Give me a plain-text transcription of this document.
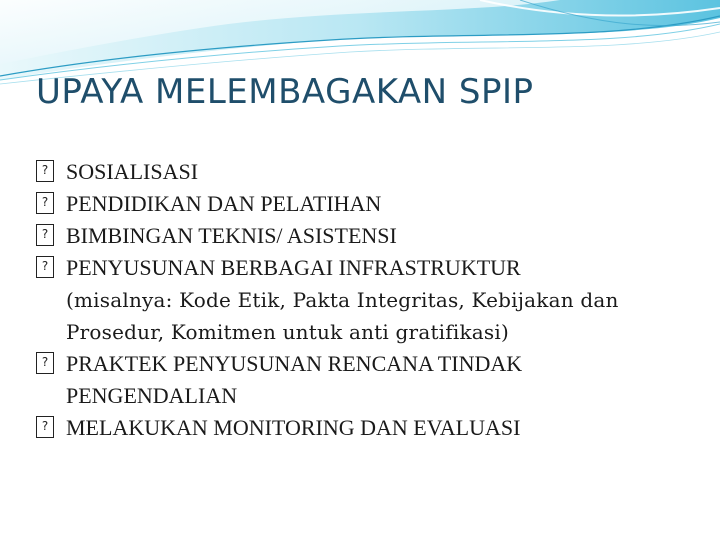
UPAYA MELEMBAGAKAN SPIP
? SOSIALISASI
? PENDIDIKAN DAN PELATIHAN
? BIMBINGAN TEKNIS/ ASISTENSI
? PENYUSUNAN BERBAGAI INFRASTRUKTUR
(misalnya: Kode Etik, Pakta Integritas, Kebijakan dan
Prosedur, Komitmen untuk anti gratifikasi)
? PRAKTEK PENYUSUNAN RENCANA TINDAK
PENGENDALIAN
? MELAKUKAN MONITORING DAN EVALUASI
